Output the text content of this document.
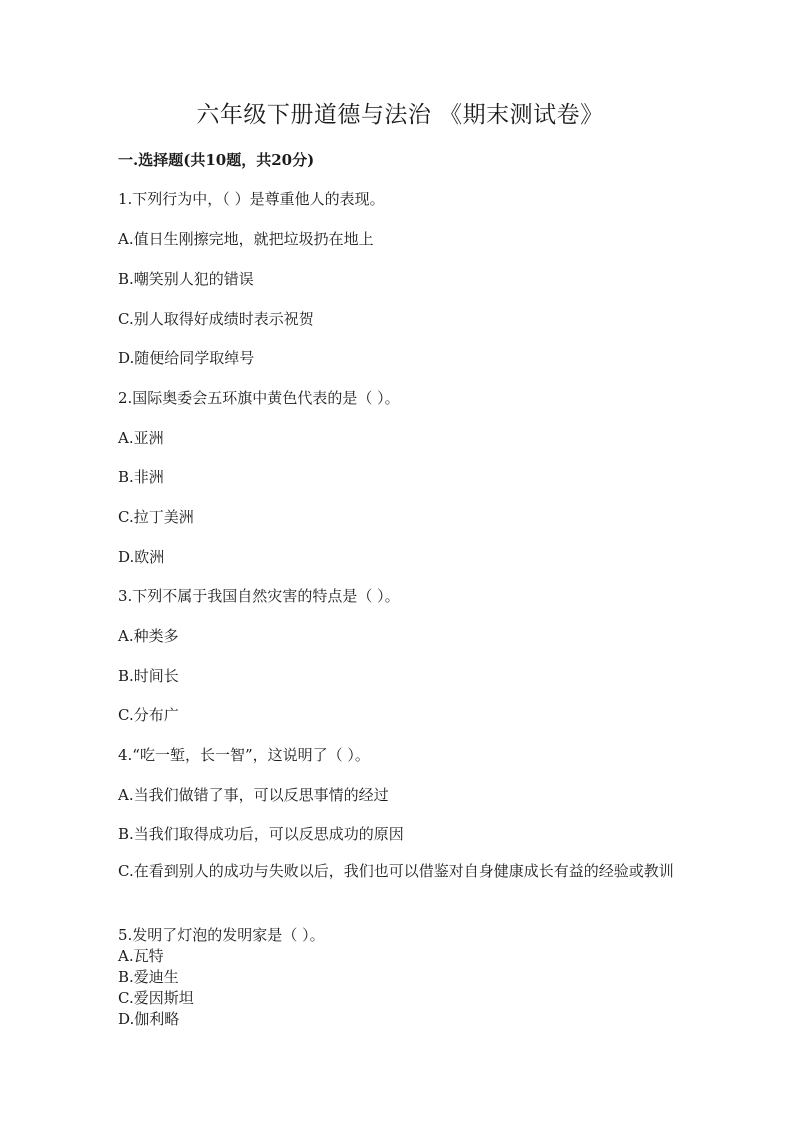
六年级下册道德与法治 《期末测试卷》
一.选择题(共10题，共20分)
1.下列行为中，（ ）是尊重他人的表现。
A.值日生刚擦完地，就把垃圾扔在地上
B.嘲笑别人犯的错误
C.别人取得好成绩时表示祝贺
D.随便给同学取绰号
2.国际奥委会五环旗中黄色代表的是（ ）。
A.亚洲
B.非洲
C.拉丁美洲
D.欧洲
3.下列不属于我国自然灾害的特点是（ ）。
A.种类多
B.时间长
C.分布广
4.“吃一堑，长一智”，这说明了（ ）。
A.当我们做错了事，可以反思事情的经过
B.当我们取得成功后，可以反思成功的原因
C.在看到别人的成功与失败以后，我们也可以借鉴对自身健康成长有益的经验或教训
5.发明了灯泡的发明家是（ ）。
A.瓦特
B.爱迪生
C.爱因斯坦
D.伽利略
